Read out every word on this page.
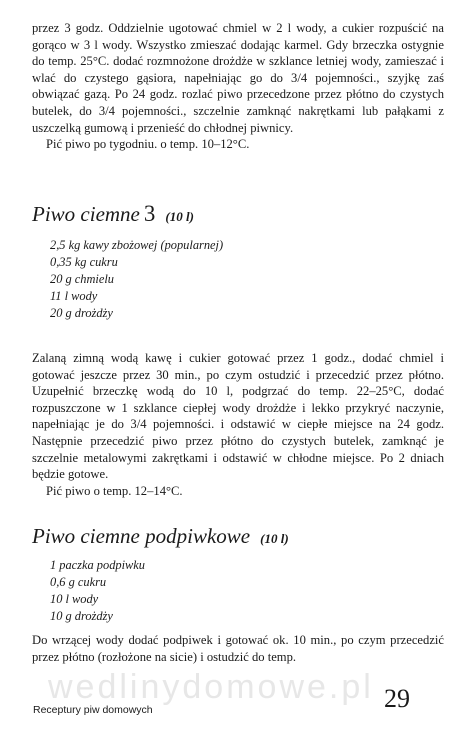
przez 3 godz. Oddzielnie ugotować chmiel w 2 l wody, a cukier rozpuścić na gorąco w 3 l wody. Wszystko zmieszać dodając karmel. Gdy brzeczka ostygnie do temp. 25°C. dodać rozmnożone drożdże w szklance letniej wody, zamieszać i wlać do czystego gąsiora, napełniając go do 3/4 pojemności., szyjkę zaś obwiązać gazą. Po 24 godz. rozlać piwo przecedzone przez płótno do czystych butelek, do 3/4 pojemności., szczelnie zamknąć nakrętkami lub pałąkami z uszczelką gumową i przenieść do chłodnej piwnicy.

Pić piwo po tygodniu. o temp. 10–12°C.

Piwo ciemne 3 (10 l)
2,5 kg kawy zbożowej (popularnej)
0,35 kg cukru
20 g chmielu
11 l wody
20 g drożdży

Zalaną zimną wodą kawę i cukier gotować przez 1 godz., dodać chmiel i gotować jeszcze przez 30 min., po czym ostudzić i przecedzić przez płótno. Uzupełnić brzeczkę wodą do 10 l, podgrzać do temp. 22–25°C, dodać rozpuszczone w 1 szklance ciepłej wody drożdże i lekko przykryć naczynie, napełniając je do 3/4 pojemności. i odstawić w ciepłe miejsce na 24 godz. Następnie przecedzić piwo przez płótno do czystych butelek, zamknąć je szczelnie metalowymi zakrętkami i odstawić w chłodne miejsce. Po 2 dniach będzie gotowe.

Pić piwo o temp. 12–14°C.

Piwo ciemne podpiwkowe (10 l)
1 paczka podpiwku
0,6 g cukru
10 l wody
10 g drożdży

Do wrzącej wody dodać podpiwek i gotować ok. 10 min., po czym przecedzić przez płótno (rozłożone na sicie) i ostudzić do temp.

wedlinydomowe.pl
Receptury piw domowych	29
